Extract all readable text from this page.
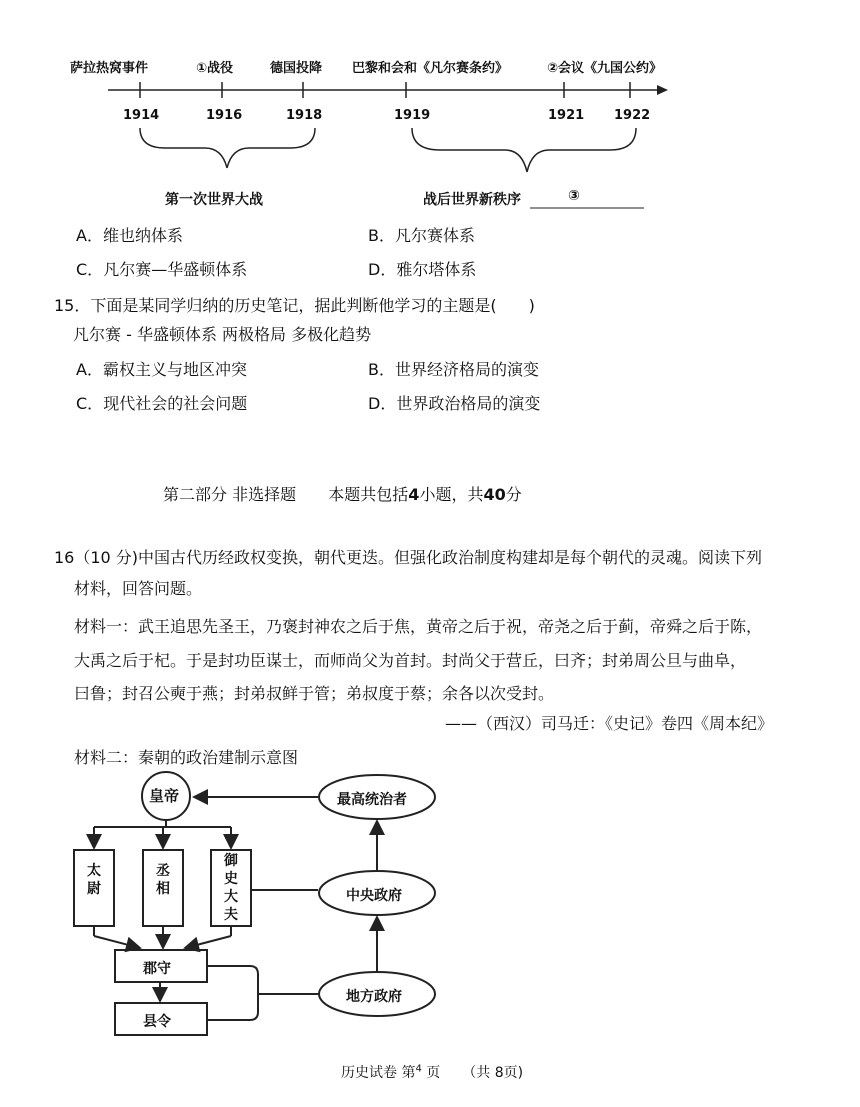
萨拉热窝事件	①战役	德国投降 巴黎和会和《凡尔赛条约》	②会议《九国公约》
1914	1916	1918	1919	1921 1922
第一次世界大战	战后世界新秩序	③
A．维也纳体系	B．凡尔赛体系
C．凡尔赛—华盛顿体系	D．雅尔塔体系
15．下面是某同学归纳的历史笔记，据此判断他学习的主题是(　　)
凡尔赛 - 华盛顿体系 两极格局 多极化趋势
A．霸权主义与地区冲突	B．世界经济格局的演变
C．现代社会的社会问题	D．世界政治格局的演变
第二部分 非选择题 本题共包括4小题，共40分
16（10 分)中国古代历经政权变换，朝代更迭。但强化政治制度构建却是每个朝代的灵魂。阅读下列
材料，回答问题。
材料一：武王追思先圣王，乃褒封神农之后于焦，黄帝之后于祝，帝尧之后于蓟，帝舜之后于陈，
大禹之后于杞。于是封功臣谋士，而师尚父为首封。封尚父于营丘，曰齐；封弟周公旦与曲阜，
曰鲁；封召公奭于燕；封弟叔鲜于管；弟叔度于蔡；余各以次受封。
——（西汉）司马迁：《史记》卷四《周本纪》
材料二：秦朝的政治建制示意图
皇帝	最高统治者
中央政府
地方政府
太尉
丞相
御史大夫
郡守
县令
历史试卷 第$^4$ 页 （共 8页)
